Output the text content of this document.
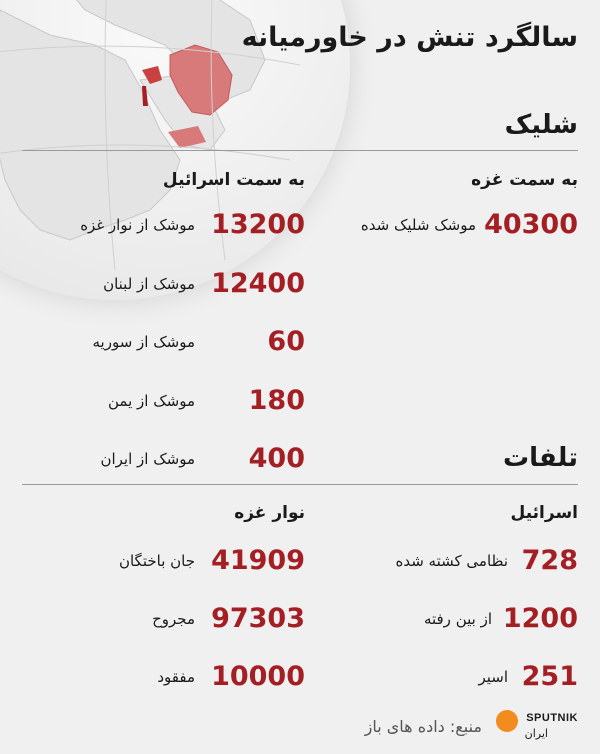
سالگرد تنش در خاورمیانه
شلیک
به سمت غزه
به سمت اسرائیل
40300
موشک شلیک شده
13200
موشک از نوار غزه
12400
موشک از لبنان
60
موشک از سوریه
180
موشک از یمن
400
موشک از ایران	تلفات
اسرائیل
نوار غزه
728
نظامی کشته شده
1200
از بین رفته
251
اسیر
41909
جان باختگان
97303
مجروح
10000
مفقود
منبع: داده های باز	SPUTNIK
ایران
